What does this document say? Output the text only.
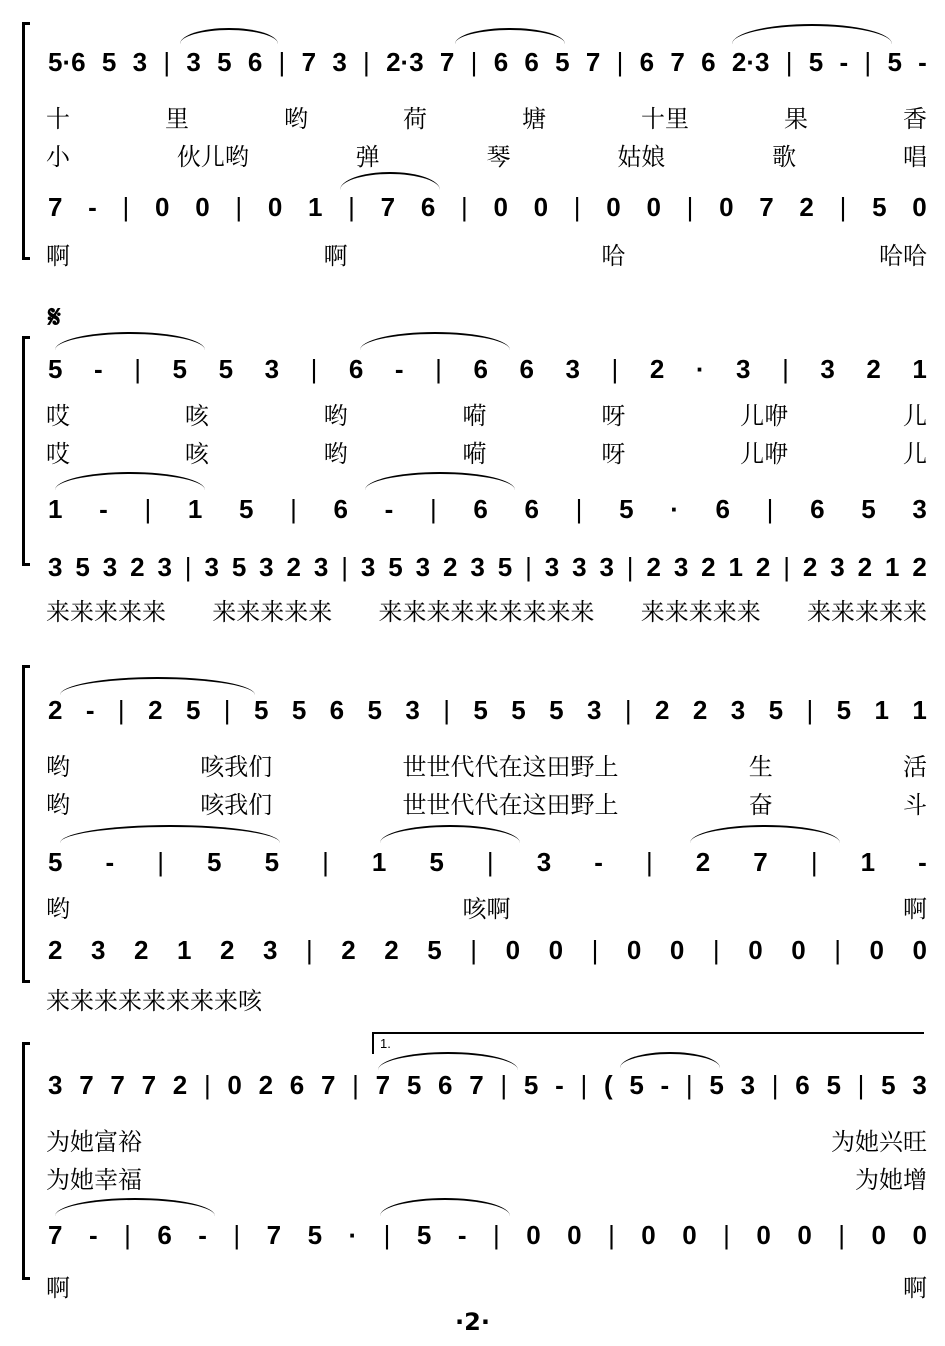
5·6 5 3 | 3 5 6 | 7 3 | 2·3 7 | 6 6 5 7 | 6 7 6 2·3 | 5 - | 5 -
十	里	哟	荷	塘	十里	果	香
小	伙儿哟	弹	琴	姑娘	歌	唱
7 - | 0 0 | 0 1 | 7 6 | 0 0 | 0 0 | 0 7 2 | 5 0
啊	啊	哈	哈哈
𝄋
5 - | 5 5 3 | 6 - | 6 6 3 | 2 · 3 | 3 2 1
哎	咳	哟	嗬	呀	儿咿	儿
哎	咳	哟	嗬	呀	儿咿	儿
1 - | 1 5 | 6 - | 6 6 | 5 · 6 | 6 5 3
3 5 3 2 3 | 3 5 3 2 3 | 3 5 3 2 3 5 | 3 3 3 | 2 3 2 1 2 | 2 3 2 1 2
来来来来来 来来来来来 来来来来来来来来来 来来来来来 来来来来来
2 - | 2 5 | 5 5 6 5 3 | 5 5 5 3 | 2 2 3 5 | 5 1 1
哟	咳我们	世世代代在这田野上	生	活
哟	咳我们	世世代代在这田野上	奋	斗
5 - | 5 5 | 1 5 | 3 - | 2 7 | 1 -
哟	咳啊	啊
2 3 2 1 2 3 | 2 2 5 | 0 0 | 0 0 | 0 0 | 0 0
来来来来来来来来咳
1.
3 7 7 7 2 | 0 2 6 7 | 7 5 6 7 | 5 - | ( 5 - | 5 3 | 6 5 | 5 3
为她富裕	为她兴旺
为她幸福	为她增
7 - | 6 - | 7 5 · | 5 - | 0 0 | 0 0 | 0 0 | 0 0
啊	啊
·2·
